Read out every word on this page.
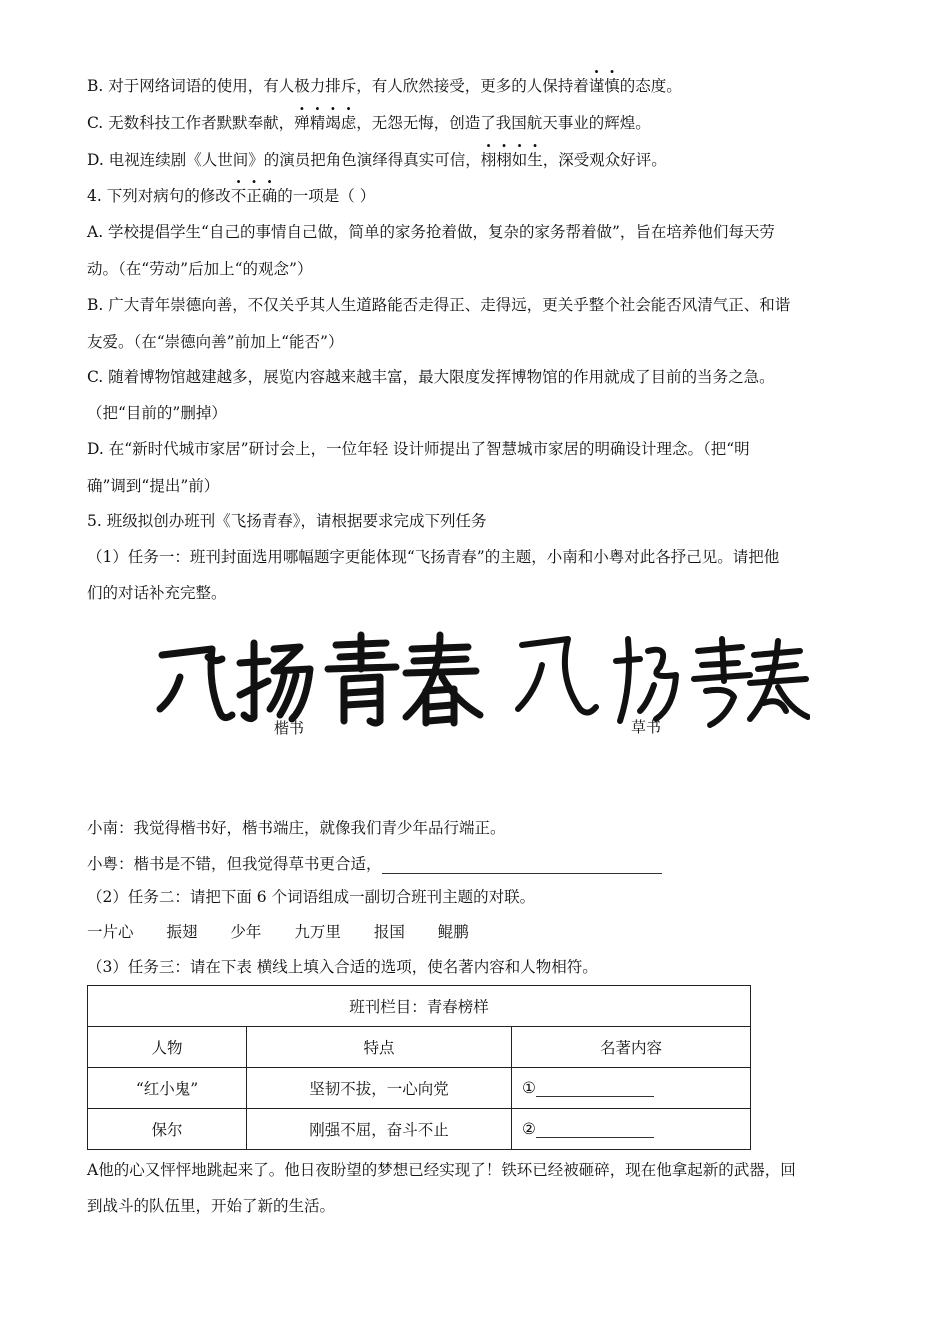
B. 对于网络词语的使用，有人极力排斥，有人欣然接受，更多的人保持着谨慎的态度。
C. 无数科技工作者默默奉献，殚精竭虑，无怨无悔，创造了我国航天事业的辉煌。
D. 电视连续剧《人世间》的演员把角色演绎得真实可信，栩栩如生，深受观众好评。
4. 下列对病句的修改不正确的一项是（ ）
A. 学校提倡学生“自己的事情自己做，简单的家务抢着做，复杂的家务帮着做”，旨在培养他们每天劳
动。（在“劳动”后加上“的观念”）
B. 广大青年崇德向善，不仅关乎其人生道路能否走得正、走得远，更关乎整个社会能否风清气正、和谐
友爱。（在“崇德向善”前加上“能否”）
C. 随着博物馆越建越多，展览内容越来越丰富，最大限度发挥博物馆的作用就成了目前的当务之急。
（把“目前的”删掉）
D. 在“新时代城市家居”研讨会上，一位年轻 设计师提出了智慧城市家居的明确设计理念。（把“明
确”调到“提出”前）
5. 班级拟创办班刊《飞扬青春》，请根据要求完成下列任务
（1）任务一：班刊封面选用哪幅题字更能体现“飞扬青春”的主题，小南和小粤对此各抒己见。请把他
们的对话补充完整。
楷书	草书
小南：我觉得楷书好，楷书端庄，就像我们青少年品行端正。
小粤：楷书是不错，但我觉得草书更合适，
（2）任务二：请把下面 6 个词语组成一副切合班刊主题的对联。
一片心 振翅 少年 九万里 报国 鲲鹏
（3）任务三：请在下表 横线上填入合适的选项，使名著内容和人物相符。
班刊栏目：青春榜样		
人物	特点	名著内容
“红小鬼”	坚韧不拔，一心向党	①
保尔	刚强不屈，奋斗不止	②
A他的心又怦怦地跳起来了。他日夜盼望的梦想已经实现了！铁环已经被砸碎，现在他拿起新的武器，回
到战斗的队伍里，开始了新的生活。
